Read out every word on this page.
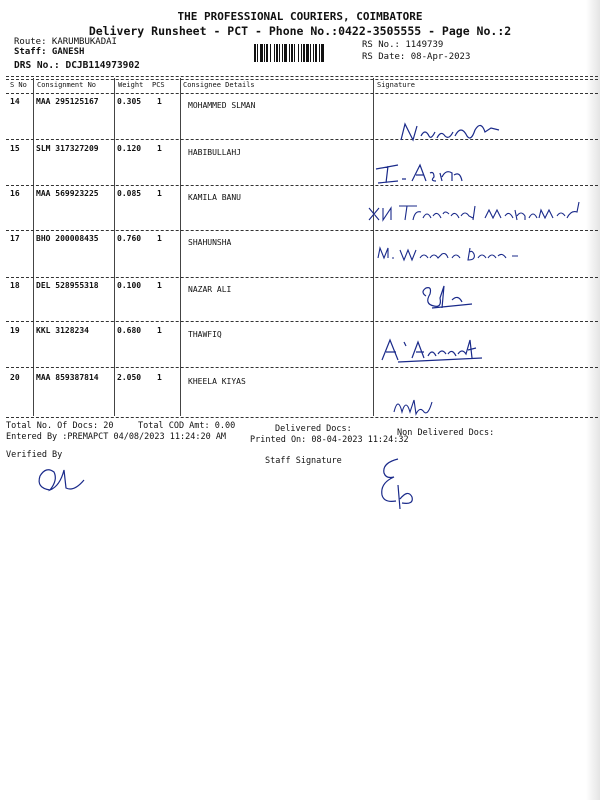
THE PROFESSIONAL COURIERS, COIMBATORE
Delivery Runsheet - PCT - Phone No.:0422-3505555 - Page No.:2
Route: KARUMBUKADAI
Staff: GANESH
DRS No.: DCJB114973902
RS No.: 1149739
RS Date: 08-Apr-2023
S No Consignment No	Weight PCS	Consignee Details	Signature
14 MAA 295125167 0.305 1	MOHAMMED SLMAN
15 SLM 317327209 0.120 1	HABIBULLAHJ
16 MAA 569923225 0.085 1	KAMILA BANU
17 BHO 200008435 0.760 1	SHAHUNSHA
18 DEL 528955318 0.100 1	NAZAR ALI
19 KKL 3128234	0.680 1	THAWFIQ
20 MAA 859387814 2.050 1	KHEELA KIYAS
Total No. Of Docs: 20	Total COD Amt: 0.00	Delivered Docs:	Non Delivered Docs:
Entered By :PREMAPCT 04/08/2023 11:24:20 AM	Printed On: 08-04-2023 11:24:32
Verified By
Staff Signature
